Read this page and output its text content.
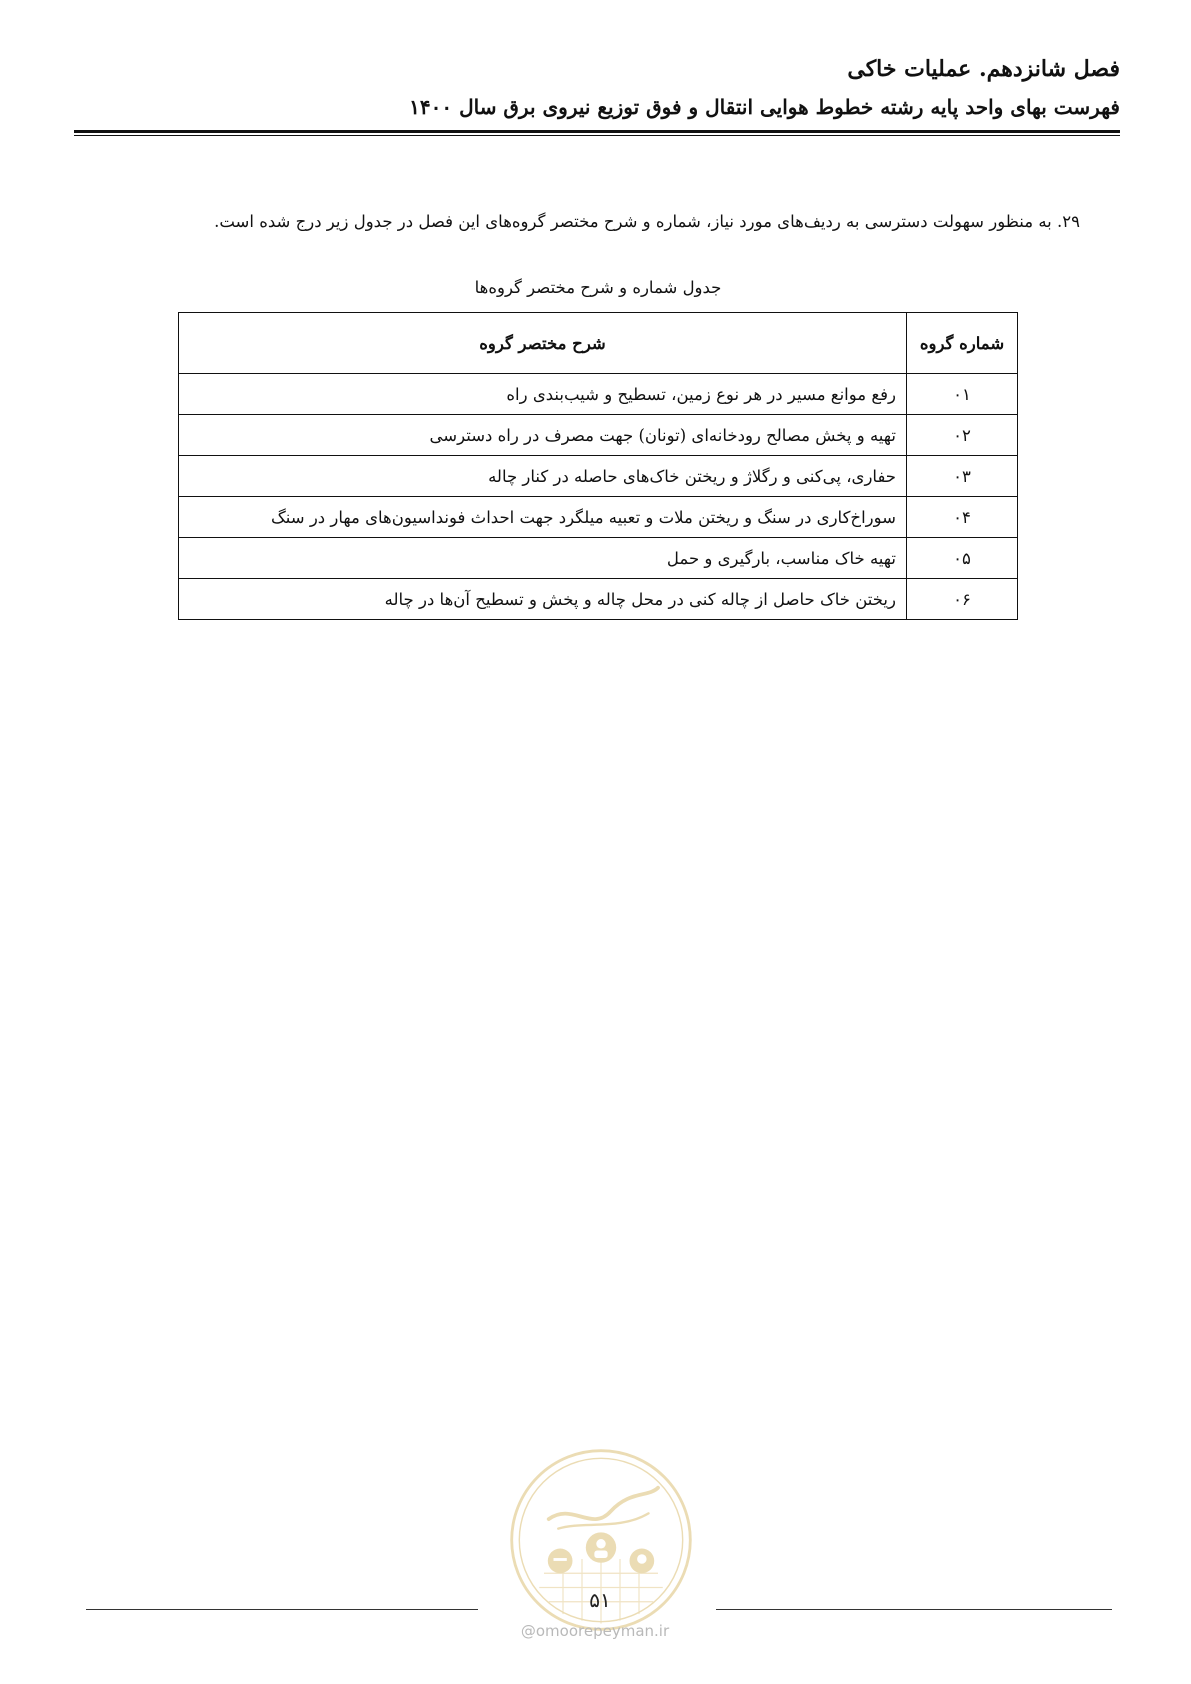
فصل شانزدهم. عملیات خاکی
فهرست بهای واحد پایه رشته خطوط هوایی انتقال و فوق توزیع نیروی برق سال ۱۴۰۰

۲۹. به منظور سهولت دسترسی به ردیف‌های مورد نیاز، شماره و شرح مختصر گروه‌های این فصل در جدول زیر درج شده است.

جدول شماره و شرح مختصر گروه‌ها
شماره گروه	شرح مختصر گروه
۰۱	رفع موانع مسیر در هر نوع زمین، تسطیح و شیب‌بندی راه
۰۲	تهیه و پخش مصالح رودخانه‌ای (تونان) جهت مصرف در راه دسترسی
۰۳	حفاری، پی‌کنی و رگلاژ و ریختن خاک‌های حاصله در کنار چاله
۰۴	سوراخ‌کاری در سنگ و ریختن ملات و تعبیه میلگرد جهت احداث فونداسیون‌های مهار در سنگ
۰۵	تهیه خاک مناسب، بارگیری و حمل
۰۶	ریختن خاک حاصل از چاله کنی در محل چاله و پخش و تسطیح آن‌ها در چاله
۵۱
@omoorepeyman.ir
